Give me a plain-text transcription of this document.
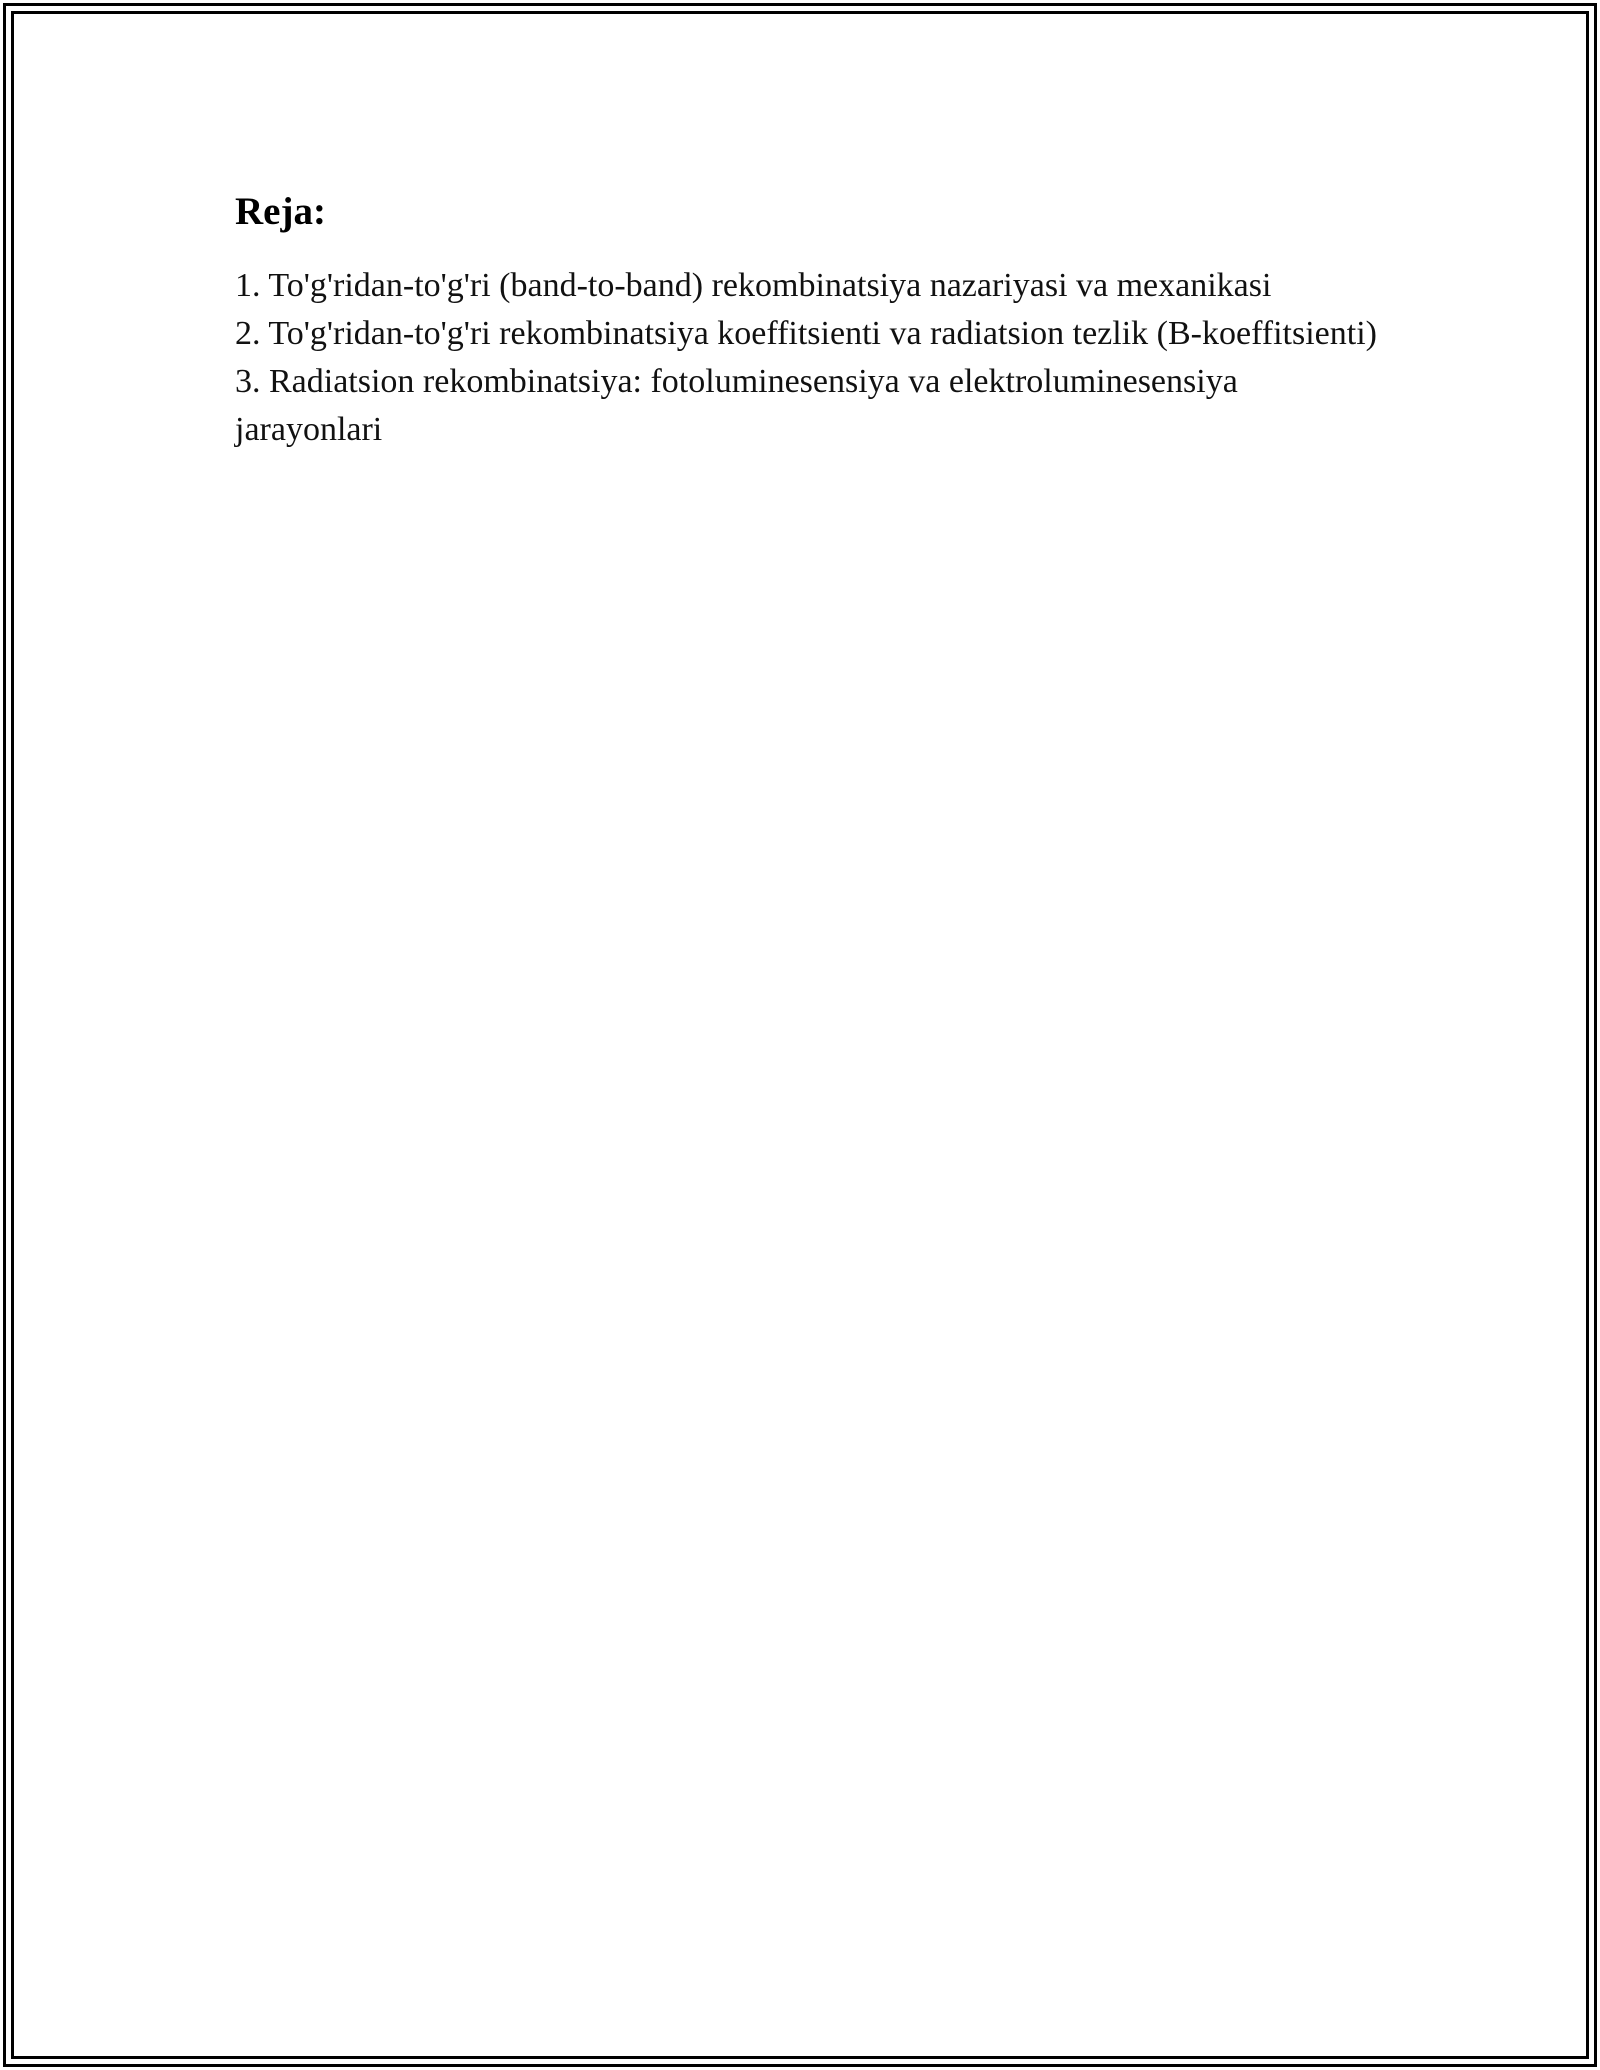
Reja:
1. To'g'ridan-to'g'ri (band-to-band) rekombinatsiya nazariyasi va mexanikasi
2. To'g'ridan-to'g'ri rekombinatsiya koeffitsienti va radiatsion tezlik (B-koeffitsienti)
3. Radiatsion rekombinatsiya: fotoluminesensiya va elektroluminesensiya jarayonlari
